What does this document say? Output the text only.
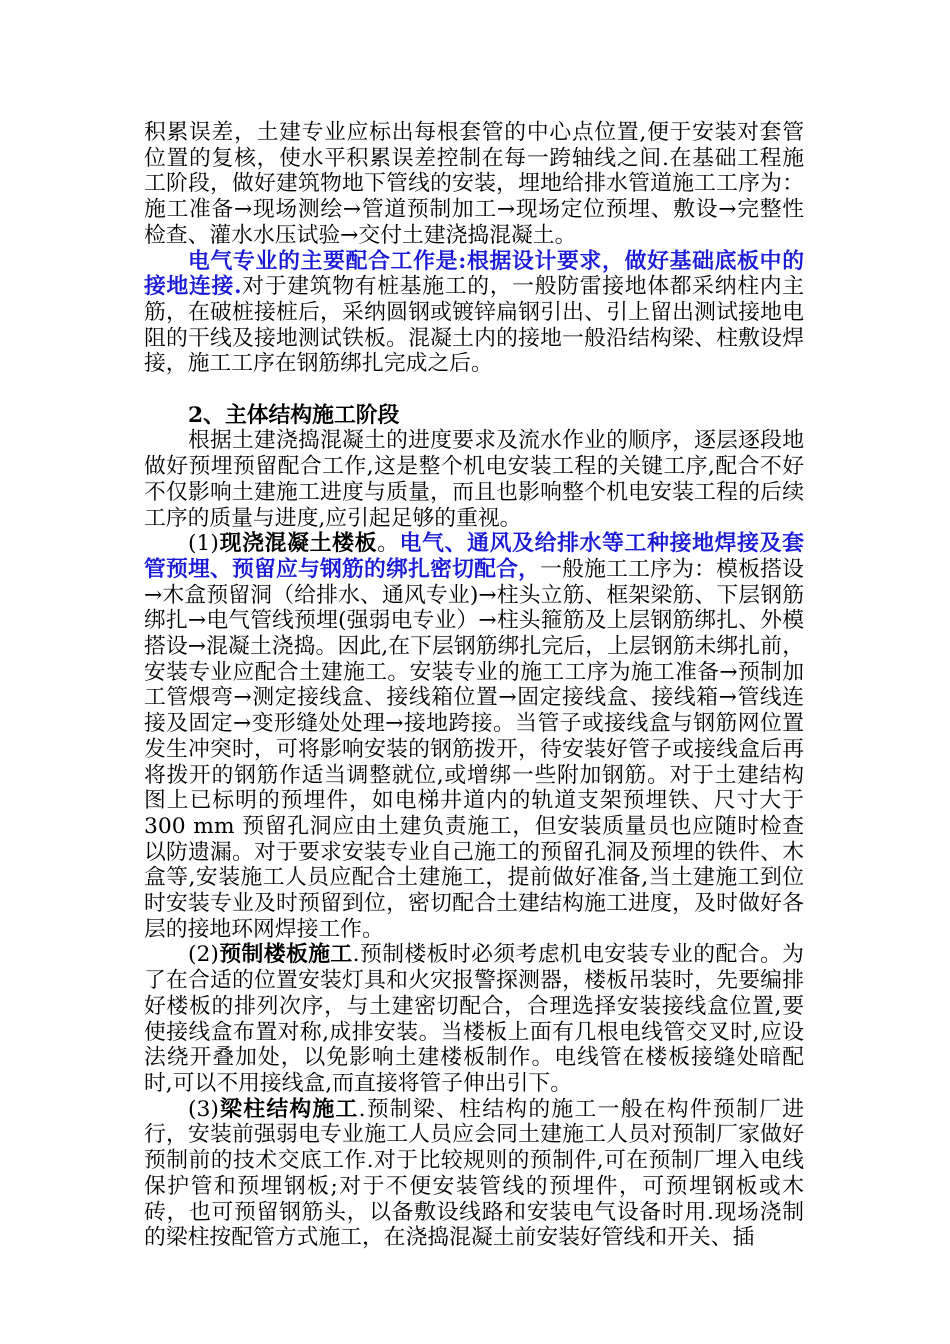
积累误差，土建专业应标出每根套管的中心点位置,便于安装对套管位置的复核，使水平积累误差控制在每一跨轴线之间.在基础工程施工阶段，做好建筑物地下管线的安装，埋地给排水管道施工工序为：施工准备→现场测绘→管道预制加工→现场定位预埋、敷设→完整性检查、灌水水压试验→交付土建浇捣混凝土。

电气专业的主要配合工作是:根据设计要求，做好基础底板中的接地连接.对于建筑物有桩基施工的，一般防雷接地体都采纳柱内主筋，在破桩接桩后，采纳圆钢或镀锌扁钢引出、引上留出测试接地电阻的干线及接地测试铁板。混凝土内的接地一般沿结构梁、柱敷设焊接，施工工序在钢筋绑扎完成之后。

2、主体结构施工阶段

根据土建浇捣混凝土的进度要求及流水作业的顺序，逐层逐段地做好预埋预留配合工作,这是整个机电安装工程的关键工序,配合不好不仅影响土建施工进度与质量，而且也影响整个机电安装工程的后续工序的质量与进度,应引起足够的重视。

(1)现浇混凝土楼板。电气、通风及给排水等工种接地焊接及套管预埋、预留应与钢筋的绑扎密切配合，一般施工工序为：模板搭设→木盒预留洞（给排水、通风专业)→柱头立筋、框架梁筋、下层钢筋绑扎→电气管线预埋(强弱电专业）→柱头箍筋及上层钢筋绑扎、外模搭设→混凝土浇捣。因此,在下层钢筋绑扎完后，上层钢筋未绑扎前，安装专业应配合土建施工。安装专业的施工工序为施工准备→预制加工管煨弯→测定接线盒、接线箱位置→固定接线盒、接线箱→管线连接及固定→变形缝处处理→接地跨接。当管子或接线盒与钢筋网位置发生冲突时，可将影响安装的钢筋拨开，待安装好管子或接线盒后再将拨开的钢筋作适当调整就位,或增绑一些附加钢筋。对于土建结构图上已标明的预埋件，如电梯井道内的轨道支架预埋铁、尺寸大于 300 mm 预留孔洞应由土建负责施工，但安装质量员也应随时检查以防遗漏。对于要求安装专业自己施工的预留孔洞及预埋的铁件、木盒等,安装施工人员应配合土建施工，提前做好准备,当土建施工到位时安装专业及时预留到位，密切配合土建结构施工进度，及时做好各层的接地环网焊接工作。

(2)预制楼板施工.预制楼板时必须考虑机电安装专业的配合。为了在合适的位置安装灯具和火灾报警探测器，楼板吊装时，先要编排好楼板的排列次序，与土建密切配合，合理选择安装接线盒位置,要使接线盒布置对称,成排安装。当楼板上面有几根电线管交叉时,应设法绕开叠加处，以免影响土建楼板制作。电线管在楼板接缝处暗配时,可以不用接线盒,而直接将管子伸出引下。

(3)梁柱结构施工.预制梁、柱结构的施工一般在构件预制厂进行，安装前强弱电专业施工人员应会同土建施工人员对预制厂家做好预制前的技术交底工作.对于比较规则的预制件,可在预制厂埋入电线保护管和预埋钢板;对于不便安装管线的预埋件，可预埋钢板或木砖，也可预留钢筋头，以备敷设线路和安装电气设备时用.现场浇制的梁柱按配管方式施工，在浇捣混凝土前安装好管线和开关、插
